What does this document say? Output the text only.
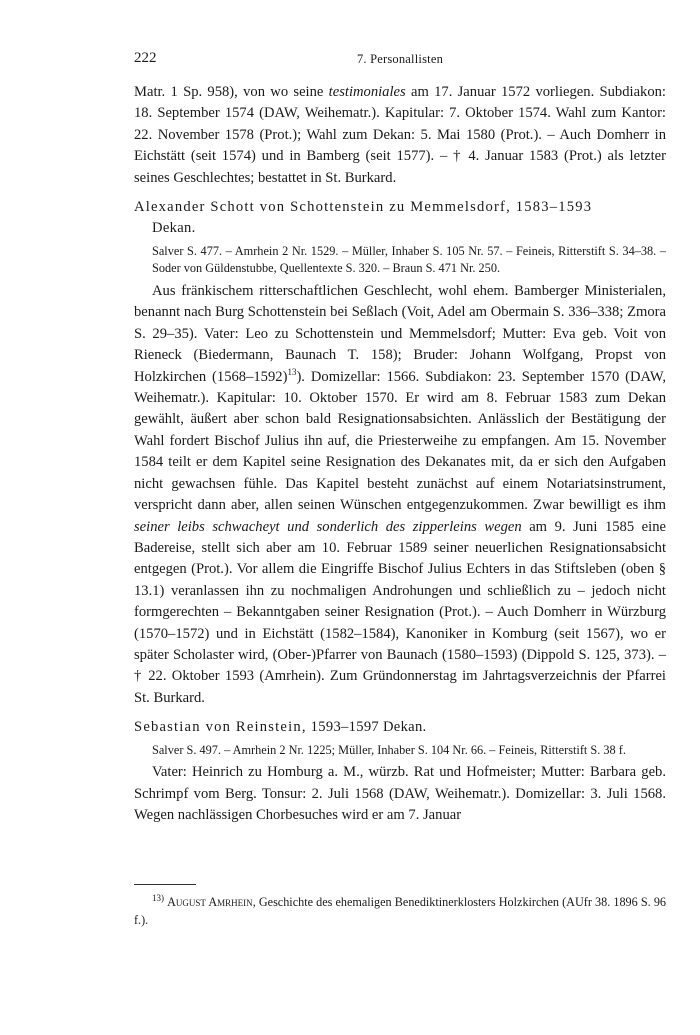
222	7. Personallisten

Matr. 1 Sp. 958), von wo seine testimoniales am 17. Januar 1572 vorliegen. Subdiakon: 18. September 1574 (DAW, Weihematr.). Kapitular: 7. Oktober 1574. Wahl zum Kantor: 22. November 1578 (Prot.); Wahl zum Dekan: 5. Mai 1580 (Prot.). – Auch Domherr in Eichstätt (seit 1574) und in Bamberg (seit 1577). – † 4. Januar 1583 (Prot.) als letzter seines Geschlechtes; bestattet in St. Burkard.

Alexander Schott von Schottenstein zu Memmelsdorf, 1583–1593
Dekan.
Salver S. 477. – Amrhein 2 Nr. 1529. – Müller, Inhaber S. 105 Nr. 57. – Feineis, Ritterstift S. 34–38. – Soder von Güldenstubbe, Quellentexte S. 320. – Braun S. 471 Nr. 250.

Aus fränkischem ritterschaftlichen Geschlecht, wohl ehem. Bamberger Ministerialen, benannt nach Burg Schottenstein bei Seßlach (Voit, Adel am Obermain S. 336–338; Zmora S. 29–35). Vater: Leo zu Schottenstein und Memmelsdorf; Mutter: Eva geb. Voit von Rieneck (Biedermann, Baunach T. 158); Bruder: Johann Wolfgang, Propst von Holzkirchen (1568–1592)$^{13}$). Domizellar: 1566. Subdiakon: 23. September 1570 (DAW, Weihematr.). Kapitular: 10. Oktober 1570. Er wird am 8. Februar 1583 zum Dekan gewählt, äußert aber schon bald Resignationsabsichten. Anlässlich der Bestätigung der Wahl fordert Bischof Julius ihn auf, die Priesterweihe zu empfangen. Am 15. November 1584 teilt er dem Kapitel seine Resignation des Dekanates mit, da er sich den Aufgaben nicht gewachsen fühle. Das Kapitel besteht zunächst auf einem Notariatsinstrument, verspricht dann aber, allen seinen Wünschen entgegenzukommen. Zwar bewilligt es ihm seiner leibs schwacheyt und sonderlich des zipperleins wegen am 9. Juni 1585 eine Badereise, stellt sich aber am 10. Februar 1589 seiner neuerlichen Resignationsabsicht entgegen (Prot.). Vor allem die Eingriffe Bischof Julius Echters in das Stiftsleben (oben § 13.1) veranlassen ihn zu nochmaligen Androhungen und schließlich zu – jedoch nicht formgerechten – Bekanntgaben seiner Resignation (Prot.). – Auch Domherr in Würzburg (1570–1572) und in Eichstätt (1582–1584), Kanoniker in Komburg (seit 1567), wo er später Scholaster wird, (Ober-)Pfarrer von Baunach (1580–1593) (Dippold S. 125, 373). – † 22. Oktober 1593 (Amrhein). Zum Gründonnerstag im Jahrtagsverzeichnis der Pfarrei St. Burkard.

Sebastian von Reinstein, 1593–1597 Dekan.
Salver S. 497. – Amrhein 2 Nr. 1225; Müller, Inhaber S. 104 Nr. 66. – Feineis, Ritterstift S. 38 f.

Vater: Heinrich zu Homburg a. M., würzb. Rat und Hofmeister; Mutter: Barbara geb. Schrimpf vom Berg. Tonsur: 2. Juli 1568 (DAW, Weihematr.). Domizellar: 3. Juli 1568. Wegen nachlässigen Chorbesuches wird er am 7. Januar

$^{13)}$ August Amrhein, Geschichte des ehemaligen Benediktinerklosters Holzkirchen (AUfr 38. 1896 S. 96 f.).
